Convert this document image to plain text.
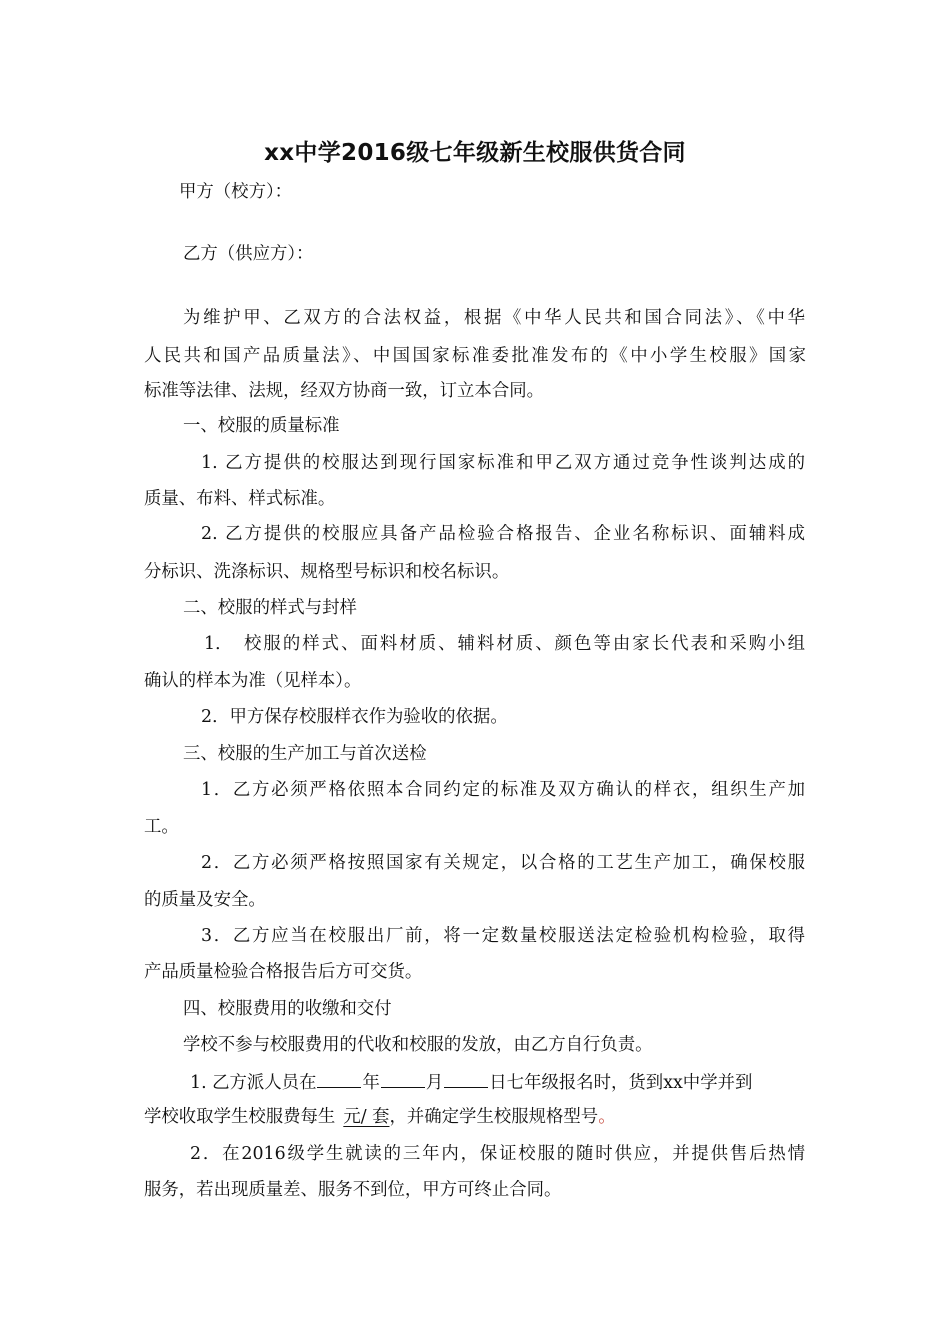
xx中学2016级七年级新生校服供货合同
甲方（校方）：
乙方（供应方）：
为维护甲、乙双方的合法权益，根据《中华人民共和国合同法》、《中华
人民共和国产品质量法》、中国国家标准委批准发布的《中小学生校服》国家
标准等法律、法规，经双方协商一致，订立本合同。
一、校服的质量标准
1. 乙方提供的校服达到现行国家标准和甲乙双方通过竞争性谈判达成的
质量、布料、样式标准。
2. 乙方提供的校服应具备产品检验合格报告、企业名称标识、面辅料成
分标识、洗涤标识、规格型号标识和校名标识。
二、校服的样式与封样
1． 校服的样式、面料材质、辅料材质、颜色等由家长代表和采购小组
确认的样本为准（见样本）。
2．甲方保存校服样衣作为验收的依据。
三、校服的生产加工与首次送检
1．乙方必须严格依照本合同约定的标准及双方确认的样衣，组织生产加
工。
2．乙方必须严格按照国家有关规定，以合格的工艺生产加工，确保校服
的质量及安全。
3．乙方应当在校服出厂前，将一定数量校服送法定检验机构检验，取得
产品质量检验合格报告后方可交货。
四、校服费用的收缴和交付
学校不参与校服费用的代收和校服的发放，由乙方自行负责。
1. 乙方派人员在	年	月	日七年级报名时，货到xx中学并到
学校收取学生校服费每生 元/ 套，并确定学生校服规格型号。
2．在2016级学生就读的三年内，保证校服的随时供应，并提供售后热情
服务，若出现质量差、服务不到位，甲方可终止合同。
